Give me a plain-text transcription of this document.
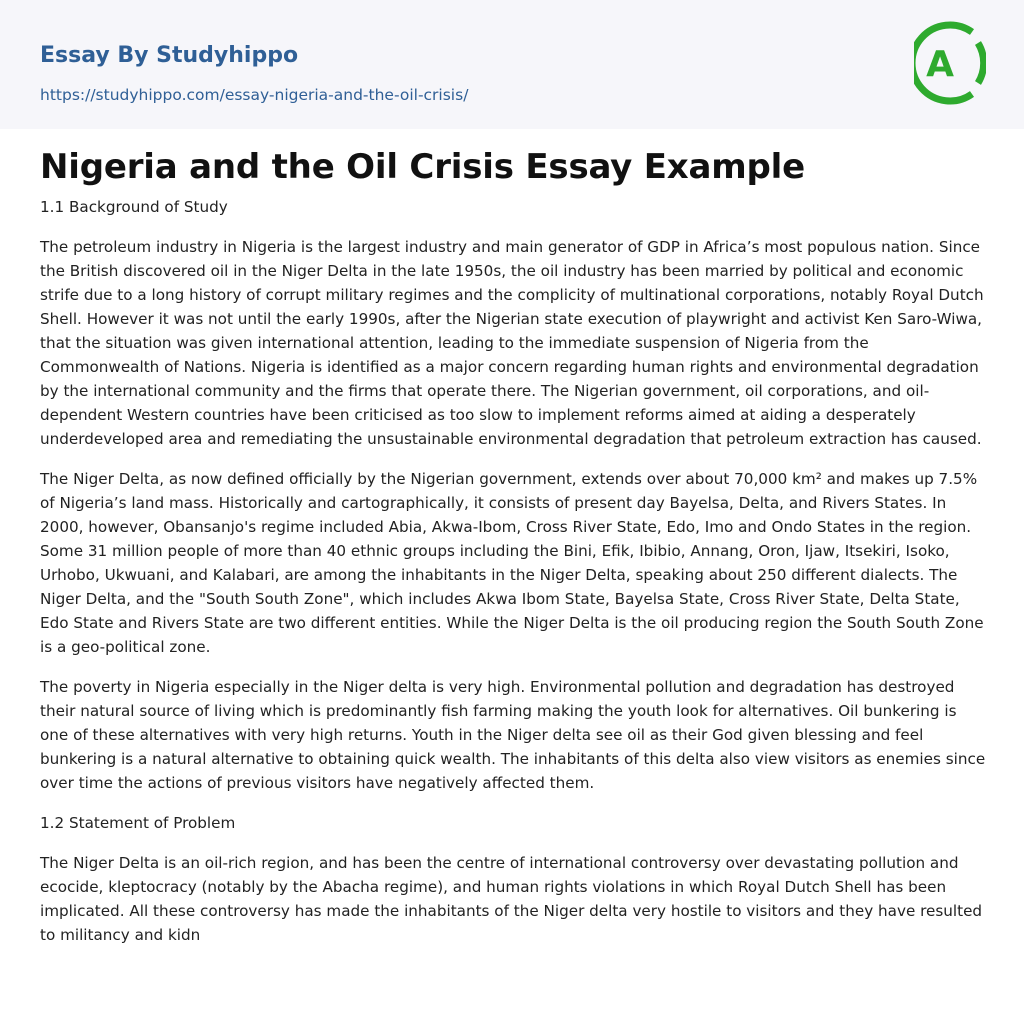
Essay By Studyhippo

https://studyhippo.com/essay-nigeria-and-the-oil-crisis/
A
Nigeria and the Oil Crisis Essay Example

1.1 Background of Study

The petroleum industry in Nigeria is the largest industry and main generator of GDP in Africa’s most populous nation. Since the British discovered oil in the Niger Delta in the late 1950s, the oil industry has been married by political and economic strife due to a long history of corrupt military regimes and the complicity of multinational corporations, notably Royal Dutch Shell. However it was not until the early 1990s, after the Nigerian state execution of playwright and activist Ken Saro-Wiwa, that the situation was given international attention, leading to the immediate suspension of Nigeria from the Commonwealth of Nations. Nigeria is identified as a major concern regarding human rights and environmental degradation by the international community and the firms that operate there. The Nigerian government, oil corporations, and oil-dependent Western countries have been criticised as too slow to implement reforms aimed at aiding a desperately underdeveloped area and remediating the unsustainable environmental degradation that petroleum extraction has caused.

The Niger Delta, as now defined officially by the Nigerian government, extends over about 70,000 km² and makes up 7.5% of Nigeria’s land mass. Historically and cartographically, it consists of present day Bayelsa, Delta, and Rivers States. In 2000, however, Obansanjo's regime included Abia, Akwa-Ibom, Cross River State, Edo, Imo and Ondo States in the region. Some 31 million people of more than 40 ethnic groups including the Bini, Efik, Ibibio, Annang, Oron, Ijaw, Itsekiri, Isoko, Urhobo, Ukwuani, and Kalabari, are among the inhabitants in the Niger Delta, speaking about 250 different dialects. The Niger Delta, and the "South South Zone", which includes Akwa Ibom State, Bayelsa State, Cross River State, Delta State, Edo State and Rivers State are two different entities. While the Niger Delta is the oil producing region the South South Zone is a geo-political zone.

The poverty in Nigeria especially in the Niger delta is very high. Environmental pollution and degradation has destroyed their natural source of living which is predominantly fish farming making the youth look for alternatives. Oil bunkering is one of these alternatives with very high returns. Youth in the Niger delta see oil as their God given blessing and feel bunkering is a natural alternative to obtaining quick wealth. The inhabitants of this delta also view visitors as enemies since over time the actions of previous visitors have negatively affected them.

1.2 Statement of Problem

The Niger Delta is an oil-rich region, and has been the centre of international controversy over devastating pollution and ecocide, kleptocracy (notably by the Abacha regime), and human rights violations in which Royal Dutch Shell has been implicated. All these controversy has made the inhabitants of the Niger delta very hostile to visitors and they have resulted to militancy and kidn
